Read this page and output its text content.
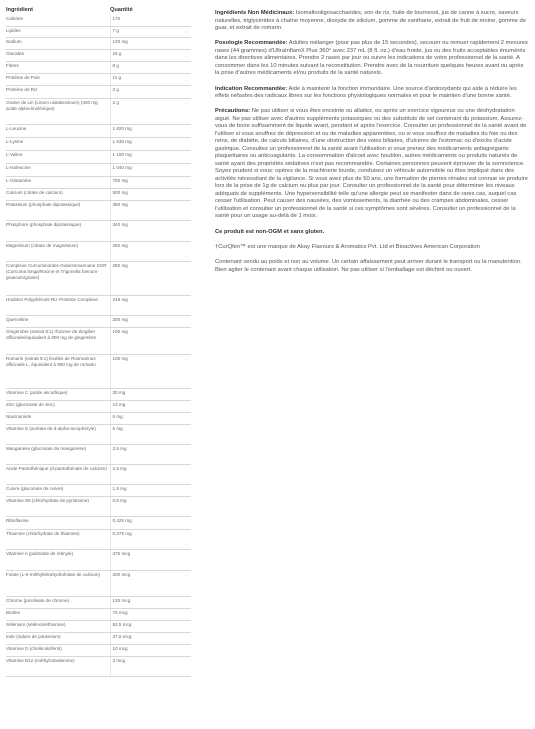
Ingrédient	Quantité
Calories	170
Lipides	7 g
Sodium	120 mg
Glucides	16 g
Fibres	8 g
Protéine de Pois	11 g
Protéine de Riz	2 g
Graine de Lin (Linum usitatissimum) (400 mg acide alpha-linolénique)	2 g
L-Leucine	1 820 mg
L-Lysine	1 630 mg
L-Valine	1 180 mg
L-Isoleucine	1 040 mg
L-Glutamine	750 mg
Calcium (citrate de calcium)	500 mg
Potassium (phosphate dipotassique)	350 mg
Phosphore (phosphate dipotassique)	340 mg
Magnésium (citrate de magnésium)	260 mg
Complexe Curcuminoïdes-Galactomannane SGR (Curcuma longa/Racine et Trigonella foenum-graecum/graine)	250 mg
Houblon Polyphénols-Riz Protéine Complexe	248 mg
Quercétine	200 mg
Gingembre (extrait 8:1) rhizome de Zingiber officinale/équivalent à 800 mg de gingembre	100 mg
Romarin (extrait 9:1) feuilles de Rosmarinus officinalis L. équivalent à 900 mg de romarin	100 mg
Vitamine C (acide ascorbique)	30 mg
Zinc (gluconate de zinc)	13 mg
Niacinamide	5 mg
Vitamine E (acétate de d-alpha-tocophéryle)	5 mg
Manganèse (gluconate de manganèse)	2,5 mg
Acide Pantothénique (d-pantothénate de calcium)	2,5 mg
Cuivre (gluconate de cuivre)	1,5 mg
Vitamine B6 (chlorhydrate de pyridoxine)	0,5 mg
Riboflavine	0,425 mg
Thiamine (chlorhydrate de thiamine)	0,375 mg
Vitamine A (palmitate de rétinyle)	375 mcg
Folate (L-5-méthyltétrahydrofolate de calcium)	200 mcg
Chrome (picolinate de chrome)	120 mcg
Biotine	75 mcg
Sélénium (sélénométhionine)	52,5 mcg
Iode (iodure de potassium)	37,5 mcg
Vitamine D (cholécalciférol)	10 mcg
Vitamine B12 (méthylcobalamine)	3 mcg

Ingrédients Non Médicinaux: Isomaltooligosaccharides, son de riz, huile de tournesol, jus de canne à sucre, saveurs naturelles, triglycérides à chaîne moyenne, dioxyde de silicium, gomme de xanthane, extrait de fruit de moine, gomme de guar, et extrait de romarin.

Posologie Recommandée: Adultes mélanger (pour pas plus de 15 secondes), secouer ou remuer rapidement 2 mesures rases (44 grammes) d'UltraInflamX Plus 360° avec 237 mL (8 fl. oz.) d'eau froide, jus ou des fruits acceptables énumérés dans les directives alimentaires. Prendre 2 rases par jour ou suivre les indications de votre professionnel de la santé. A consommer dans les 10 minutes suivant la reconstitution. Prendre avec de la nourriture quelques heures avant ou après la prise d'autres médicaments et/ou produits de la santé naturels.

Indication Recommandée: Aide à maintenir la fonction immunitaire. Une source d'antioxydants qui aide à réduire les effets néfastes des radicaux libres sur les fonctions physiologiques normales et pour le maintien d'une bonne santé.

Précautions: Ne pas utiliser si vous êtes enceinte ou allaitez, ou après un exercice vigoureux ou une déshydratation aiguë. Ne pas utiliser avec d'autres suppléments potassiques ou des substituts de sel contenant du potassium. Assurez-vous de boire suffisamment de liquide avant, pendant et après l'exercice. Consulter un professionnel de la santé avant de l'utiliser si vous souffrez de dépression et ou de maladies apparentées, ou si vous souffrez de maladies du foie ou des reins, de diabète, de calculs biliaires, d'une obstruction des voies biliaires, d'ulcères de l'estomac ou d'excès d'acide gastrique. Consultez un professionnel de la santé avant l'utilisation si vous prenez des médicaments antiagrégants plaquettaires ou anticoagulants. La consommation d'alcool avec houblon, autres médicaments ou produits naturels de santé ayant des propriétés sédatives n'est pas recommandée. Certaines personnes peuvent éprouver de la somnolence. Soyez prudent si vous: opérez de la machinerie lourde, conduisez un véhicule automobile ou êtes impliqué dans des activités nécessitant de la vigilance. Si vous avez plus de 50 ans, une formation de pierres rénales est connue se produire lors de la prise de 1g de calcium ou plus par jour. Consulter un professionnel de la santé pour déterminer les niveaux adéquats de suppléments. Une hypersensibilité telle qu'une allergie peut se manifester dans de rares cas, auquel cas cesser l'utilisation. Peut causer des nausées, des vomissements, la diarrhée ou des crampes abdominales, cesser l'utilisation et consulter un professionnel de la santé si ces symptômes sont sévères. Consulter un professionnel de la santé pour un usage au-delà de 1 mois.

Ce produit est non-OGM et sans gluten.

†CurQfen™ est une marque de Akay Flavours & Aromatics Pvt. Ltd et Bioactives American Corporation

Contenant vendu au poids et non au volume. Un certain affaissement peut arriver durant le transport ou la manutention. Bien agiter le contenant avant chaque utilisation. Ne pas utiliser si l'emballage est déchiré ou ouvert.
